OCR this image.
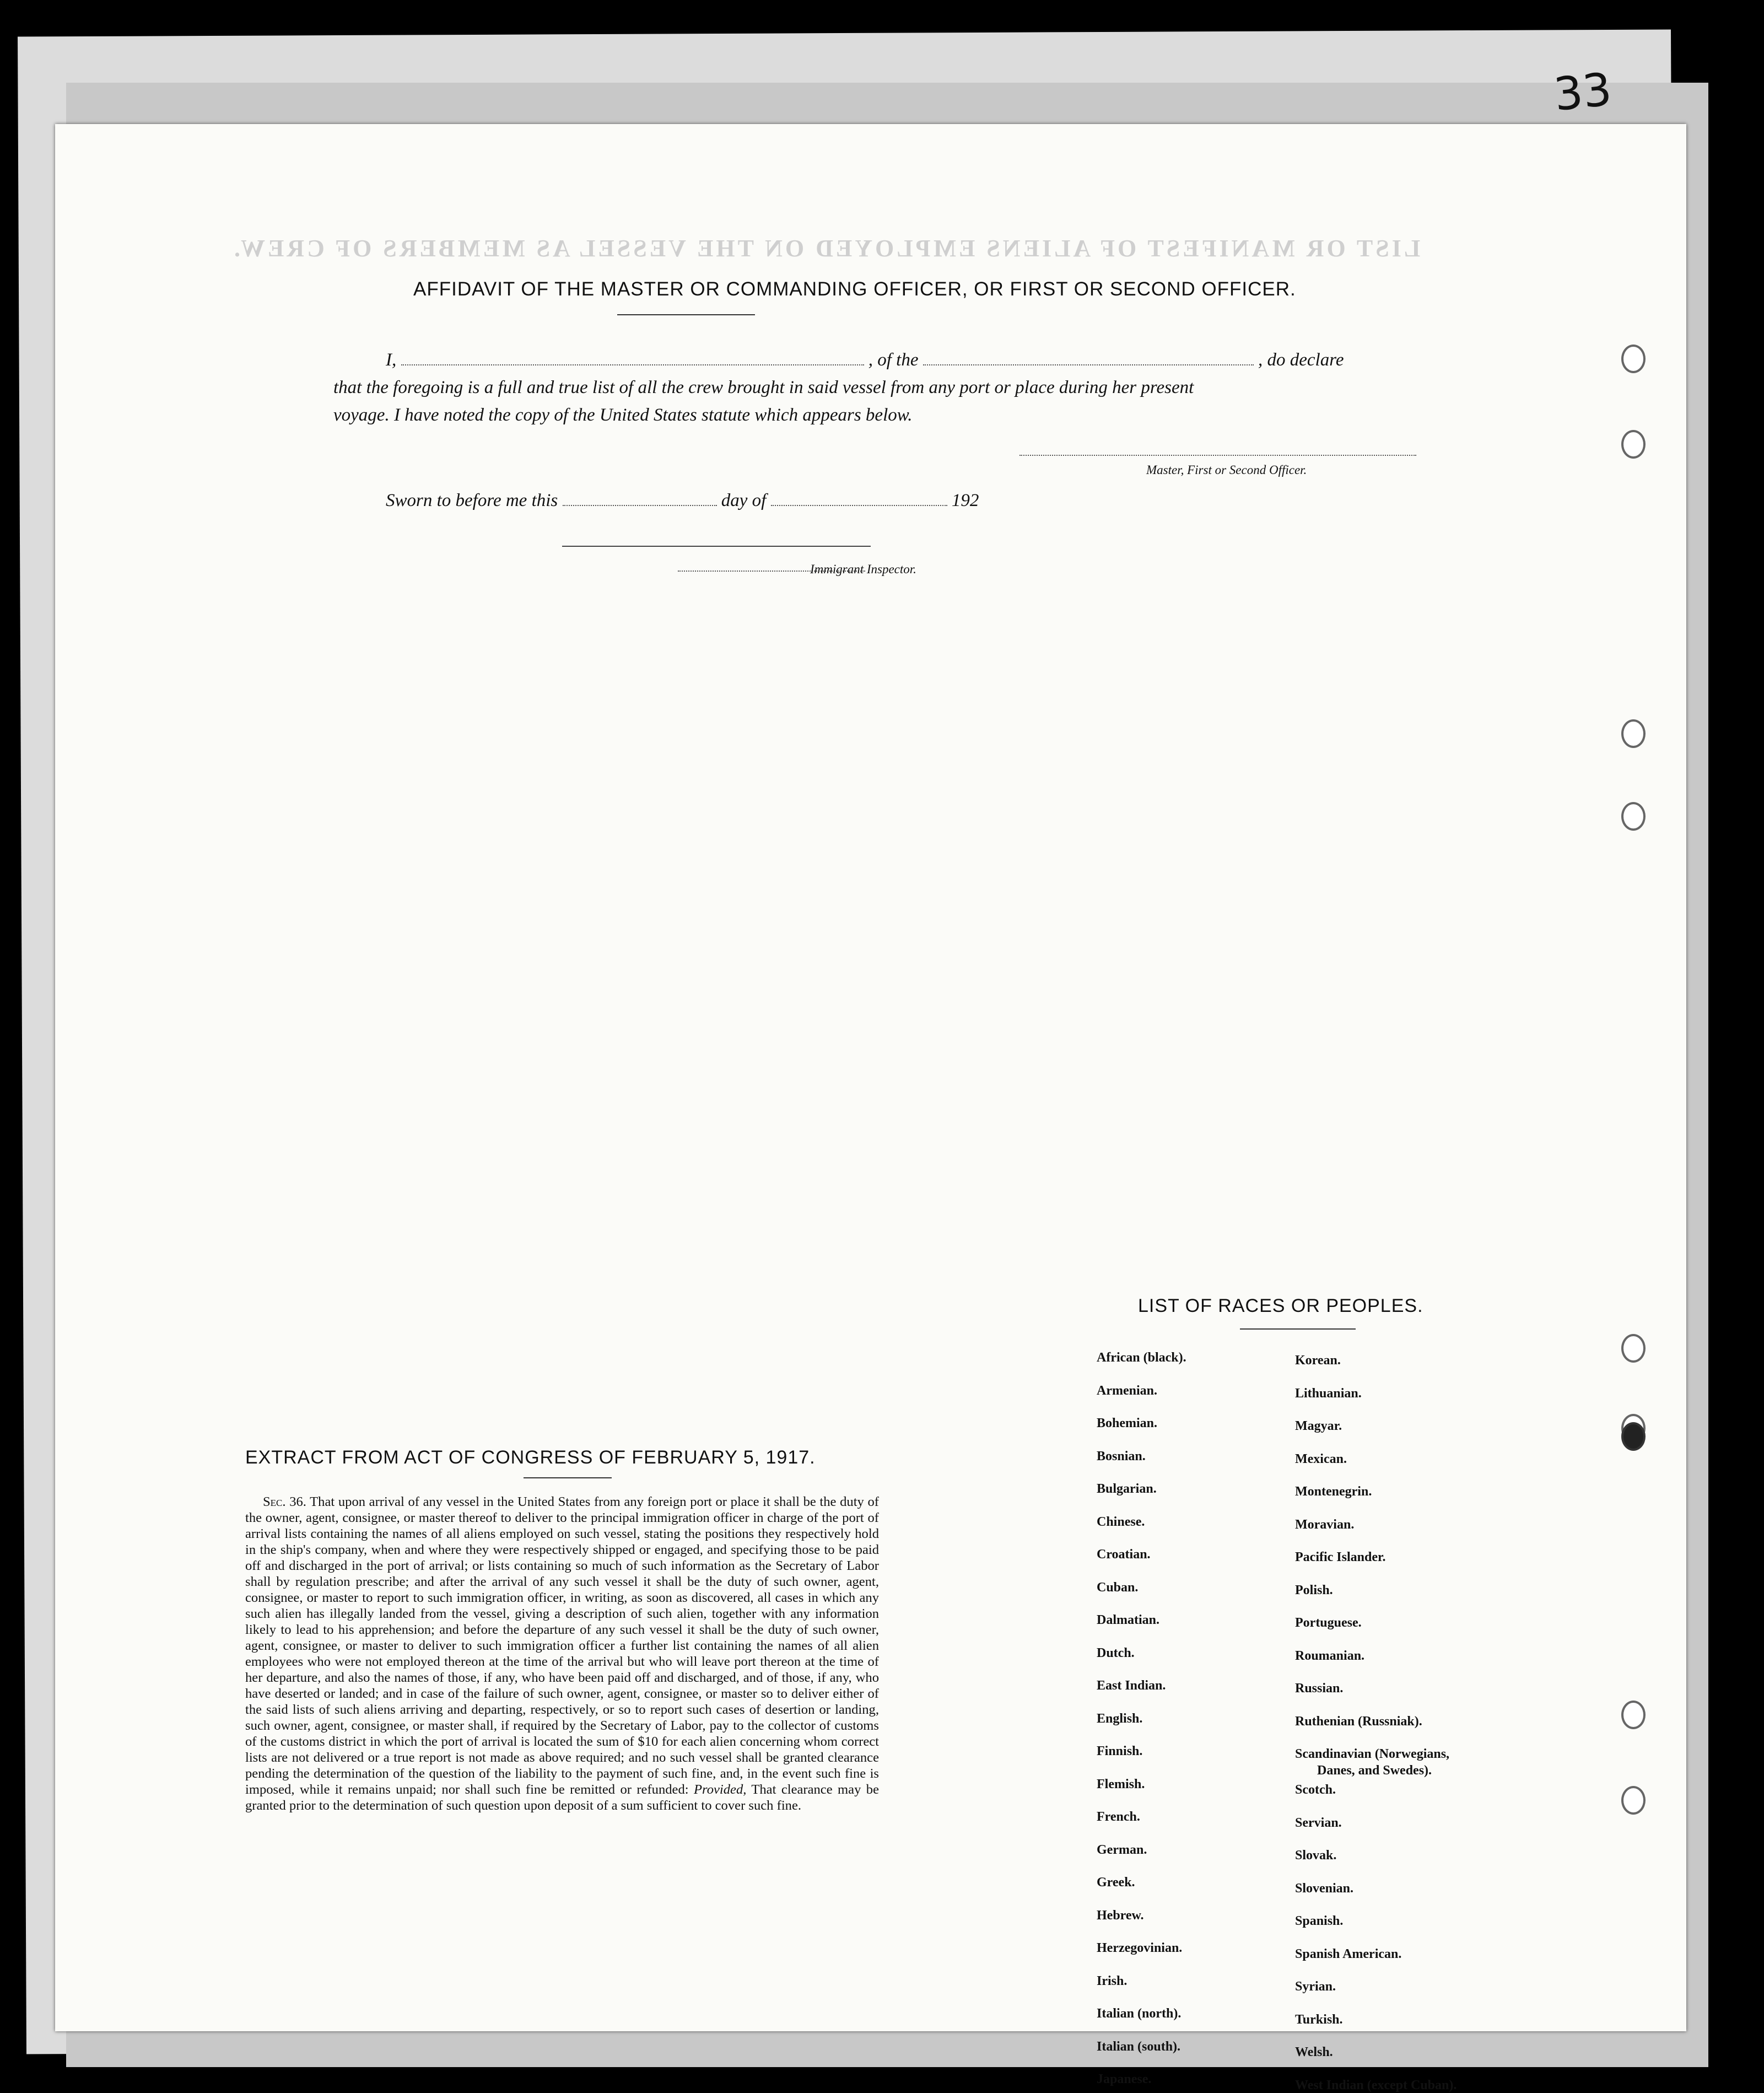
33
LIST OR MANIFEST OF ALIENS EMPLOYED ON THE VESSEL AS MEMBERS OF CREW.
AFFIDAVIT OF THE MASTER OR COMMANDING OFFICER, OR FIRST OR SECOND OFFICER.
I,	, of the	, do declare
that the foregoing is a full and true list of all the crew brought in said vessel from any port or place during her present
voyage. I have noted the copy of the United States statute which appears below.
Master, First or Second Officer.
Sworn to before me this	day of	192
Immigrant Inspector.
EXTRACT FROM ACT OF CONGRESS OF FEBRUARY 5, 1917.
Sec. 36. That upon arrival of any vessel in the United States from any foreign port or place it shall be the duty of the owner, agent, consignee, or master thereof to deliver to the principal immigration officer in charge of the port of arrival lists containing the names of all aliens employed on such vessel, stating the positions they respectively hold in the ship's company, when and where they were respectively shipped or engaged, and specifying those to be paid off and discharged in the port of arrival; or lists containing so much of such information as the Secretary of Labor shall by regulation prescribe; and after the arrival of any such vessel it shall be the duty of such owner, agent, consignee, or master to report to such immigration officer, in writing, as soon as discovered, all cases in which any such alien has illegally landed from the vessel, giving a description of such alien, together with any information likely to lead to his apprehension; and before the departure of any such vessel it shall be the duty of such owner, agent, consignee, or master to deliver to such immigration officer a further list containing the names of all alien employees who were not employed thereon at the time of the arrival but who will leave port thereon at the time of her departure, and also the names of those, if any, who have been paid off and discharged, and of those, if any, who have deserted or landed; and in case of the failure of such owner, agent, consignee, or master so to deliver either of the said lists of such aliens arriving and departing, respectively, or so to report such cases of desertion or landing, such owner, agent, consignee, or master shall, if required by the Secretary of Labor, pay to the collector of customs of the customs district in which the port of arrival is located the sum of $10 for each alien concerning whom correct lists are not delivered or a true report is not made as above required; and no such vessel shall be granted clearance pending the determination of the question of the liability to the payment of such fine, and, in the event such fine is imposed, while it remains unpaid; nor shall such fine be remitted or refunded: Provided, That clearance may be granted prior to the determination of such question upon deposit of a sum sufficient to cover such fine.
LIST OF RACES OR PEOPLES.
African (black).
Armenian.
Bohemian.
Bosnian.
Bulgarian.
Chinese.
Croatian.
Cuban.
Dalmatian.
Dutch.
East Indian.
English.
Finnish.
Flemish.
French.
German.
Greek.
Hebrew.
Herzegovinian.
Irish.
Italian (north).
Italian (south).
Japanese.
Korean.
Lithuanian.
Magyar.
Mexican.
Montenegrin.
Moravian.
Pacific Islander.
Polish.
Portuguese.
Roumanian.
Russian.
Ruthenian (Russniak).
Scandinavian (Norwegians,
Danes, and Swedes).
Scotch.
Servian.
Slovak.
Slovenian.
Spanish.
Spanish American.
Syrian.
Turkish.
Welsh.
West Indian (except Cuban).
